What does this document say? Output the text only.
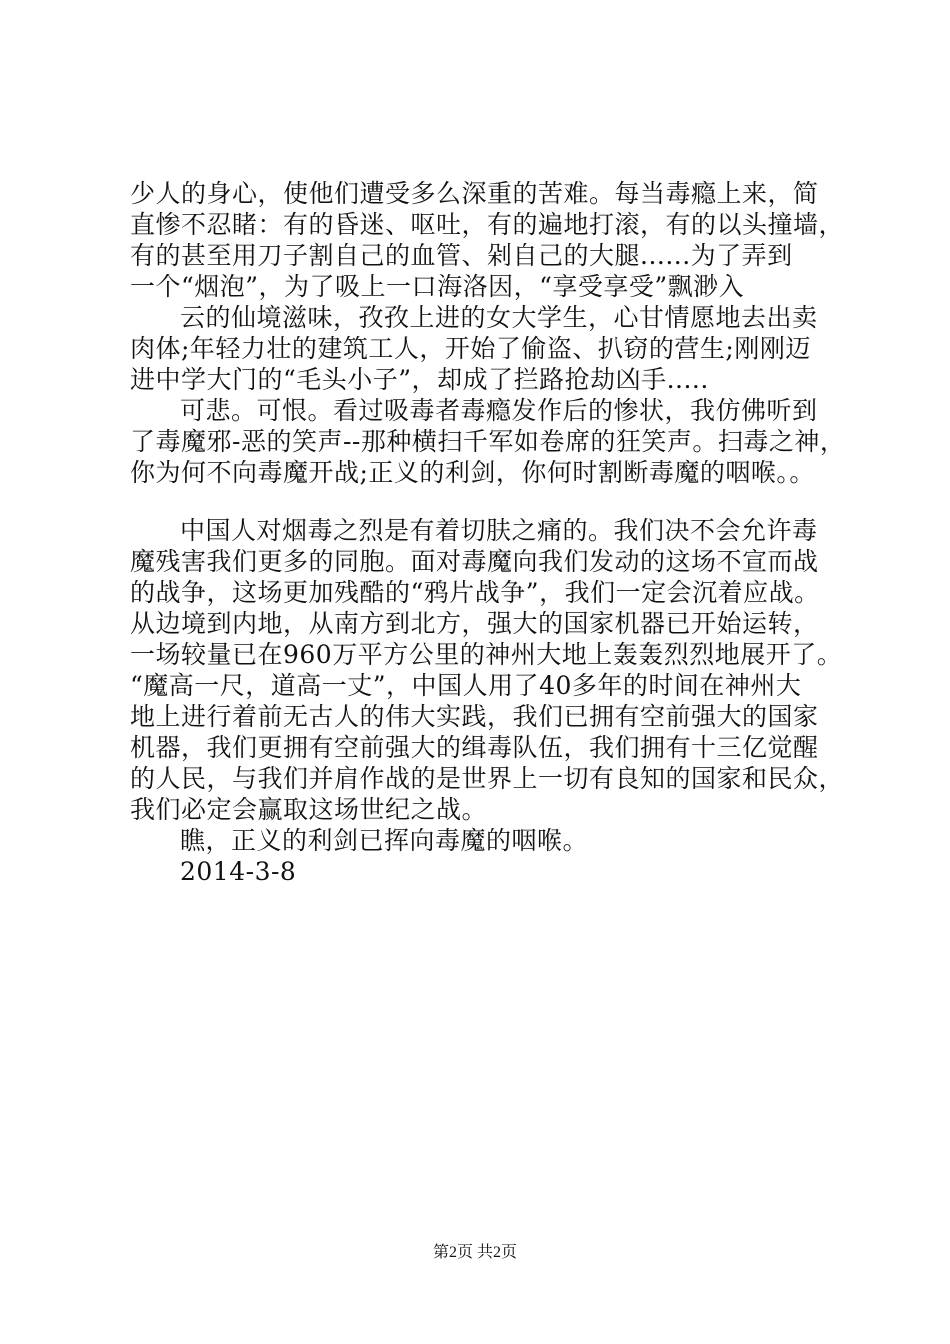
少人的身心，使他们遭受多么深重的苦难。每当毒瘾上来，简
直惨不忍睹：有的昏迷、呕吐，有的遍地打滚，有的以头撞墙，
有的甚至用刀子割自己的血管、剁自己的大腿......为了弄到
一个“烟泡”，为了吸上一口海洛因，“享受享受”飘渺入
云的仙境滋味，孜孜上进的女大学生，心甘情愿地去出卖
肉体;年轻力壮的建筑工人，开始了偷盗、扒窃的营生;刚刚迈
进中学大门的“毛头小子”，却成了拦路抢劫凶手.....
可悲。可恨。看过吸毒者毒瘾发作后的惨状，我仿佛听到
了毒魔邪-恶的笑声--那种横扫千军如卷席的狂笑声。扫毒之神，
你为何不向毒魔开战;正义的利剑，你何时割断毒魔的咽喉。。
中国人对烟毒之烈是有着切肤之痛的。我们决不会允许毒
魔残害我们更多的同胞。面对毒魔向我们发动的这场不宣而战
的战争，这场更加残酷的“鸦片战争”，我们一定会沉着应战。
从边境到内地，从南方到北方，强大的国家机器已开始运转，
一场较量已在960万平方公里的神州大地上轰轰烈烈地展开了。
“魔高一尺，道高一丈”，中国人用了40多年的时间在神州大
地上进行着前无古人的伟大实践，我们已拥有空前强大的国家
机器，我们更拥有空前强大的缉毒队伍，我们拥有十三亿觉醒
的人民，与我们并肩作战的是世界上一切有良知的国家和民众，
我们必定会赢取这场世纪之战。
瞧，正义的利剑已挥向毒魔的咽喉。
2014-3-8
第2页 共2页
